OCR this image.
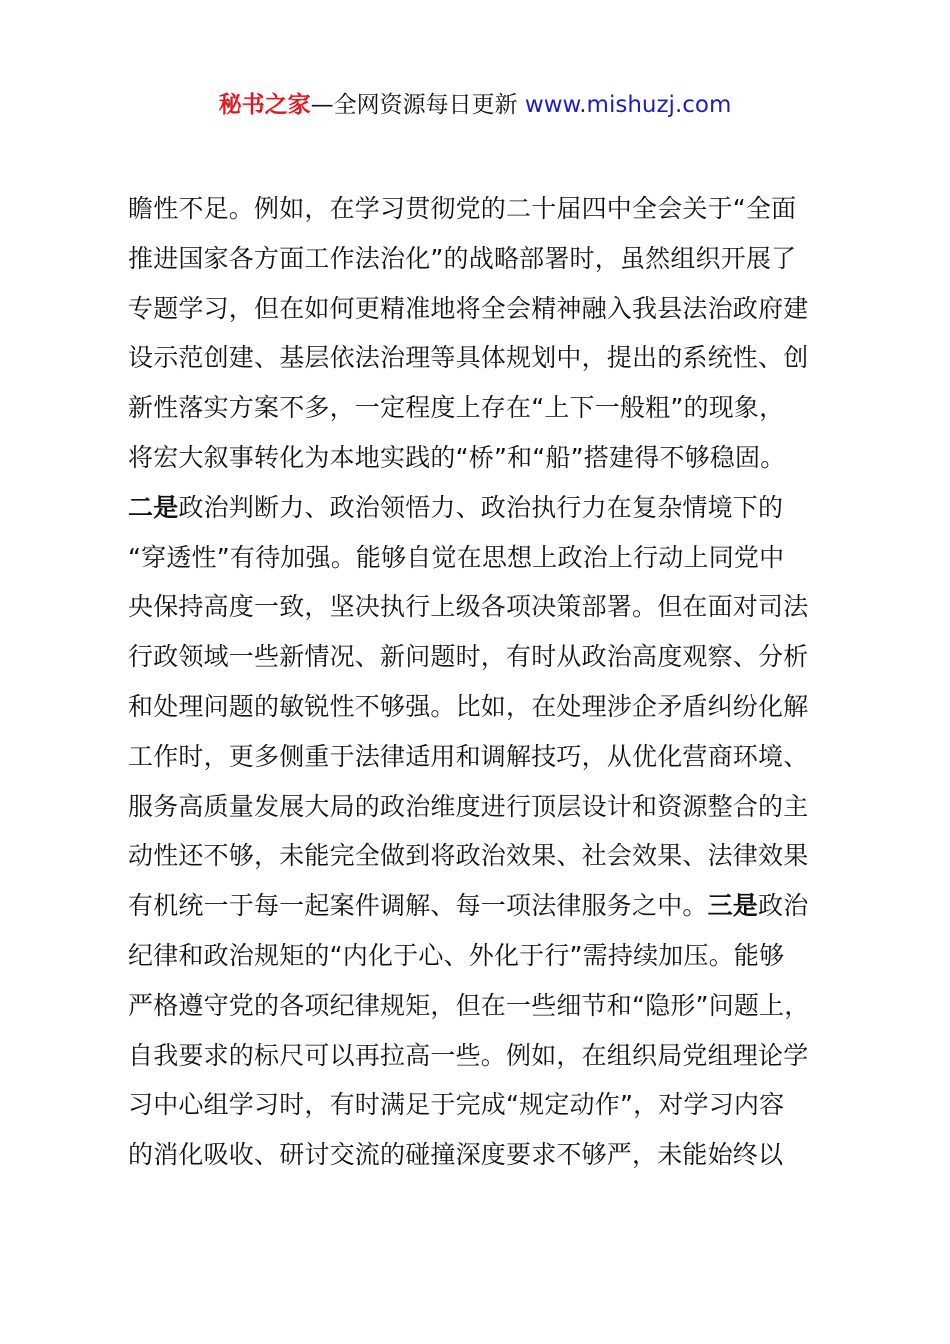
秘书之家—全网资源每日更新 www.mishuzj.com
瞻性不足。例如，在学习贯彻党的二十届四中全会关于“全面
推进国家各方面工作法治化”的战略部署时，虽然组织开展了
专题学习，但在如何更精准地将全会精神融入我县法治政府建
设示范创建、基层依法治理等具体规划中，提出的系统性、创
新性落实方案不多，一定程度上存在“上下一般粗”的现象，
将宏大叙事转化为本地实践的“桥”和“船”搭建得不够稳固。
二是政治判断力、政治领悟力、政治执行力在复杂情境下的
“穿透性”有待加强。能够自觉在思想上政治上行动上同党中
央保持高度一致，坚决执行上级各项决策部署。但在面对司法
行政领域一些新情况、新问题时，有时从政治高度观察、分析
和处理问题的敏锐性不够强。比如，在处理涉企矛盾纠纷化解
工作时，更多侧重于法律适用和调解技巧，从优化营商环境、
服务高质量发展大局的政治维度进行顶层设计和资源整合的主
动性还不够，未能完全做到将政治效果、社会效果、法律效果
有机统一于每一起案件调解、每一项法律服务之中。三是政治
纪律和政治规矩的“内化于心、外化于行”需持续加压。能够
严格遵守党的各项纪律规矩，但在一些细节和“隐形”问题上，
自我要求的标尺可以再拉高一些。例如，在组织局党组理论学
习中心组学习时，有时满足于完成“规定动作”，对学习内容
的消化吸收、研讨交流的碰撞深度要求不够严，未能始终以
